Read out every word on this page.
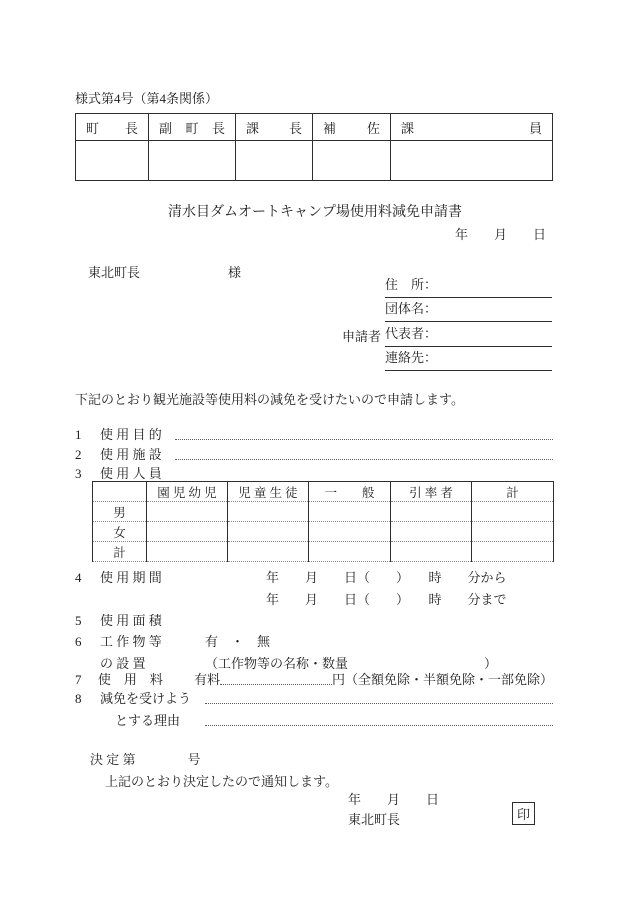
様式第4号（第4条関係）
町 長	副 町 長	課 長	補 佐	課 員

清水目ダムオートキャンプ場使用料減免申請書
年　　月　　日

東北町長	様

申請者
住　所：
団体名：
代表者：
連絡先：
下記のとおり観光施設等使用料の減免を受けたいので申請します。
1	使 用 目 的
2	使 用 施 設
3	使 用 人 員
	園 児 幼 児	児 童 生 徒	一　　般	引 率 者	計
男					
女					
計					
4	使 用 期 間	年　　月　　日（　　）　　時　　分から
年　　月　　日（　　）　　時　　分まで
5	使 用 面 積
6	工 作 物 等	有　・　無
の 設 置	（工作物等の名称・数量	）
7	使　用　料	有料	円（全額免除・半額免除・一部免除）
8	減免を受けよう
とする理由
決 定 第　　　　号
上記のとおり決定したので通知します。
年　　月　　日
東北町長	印
